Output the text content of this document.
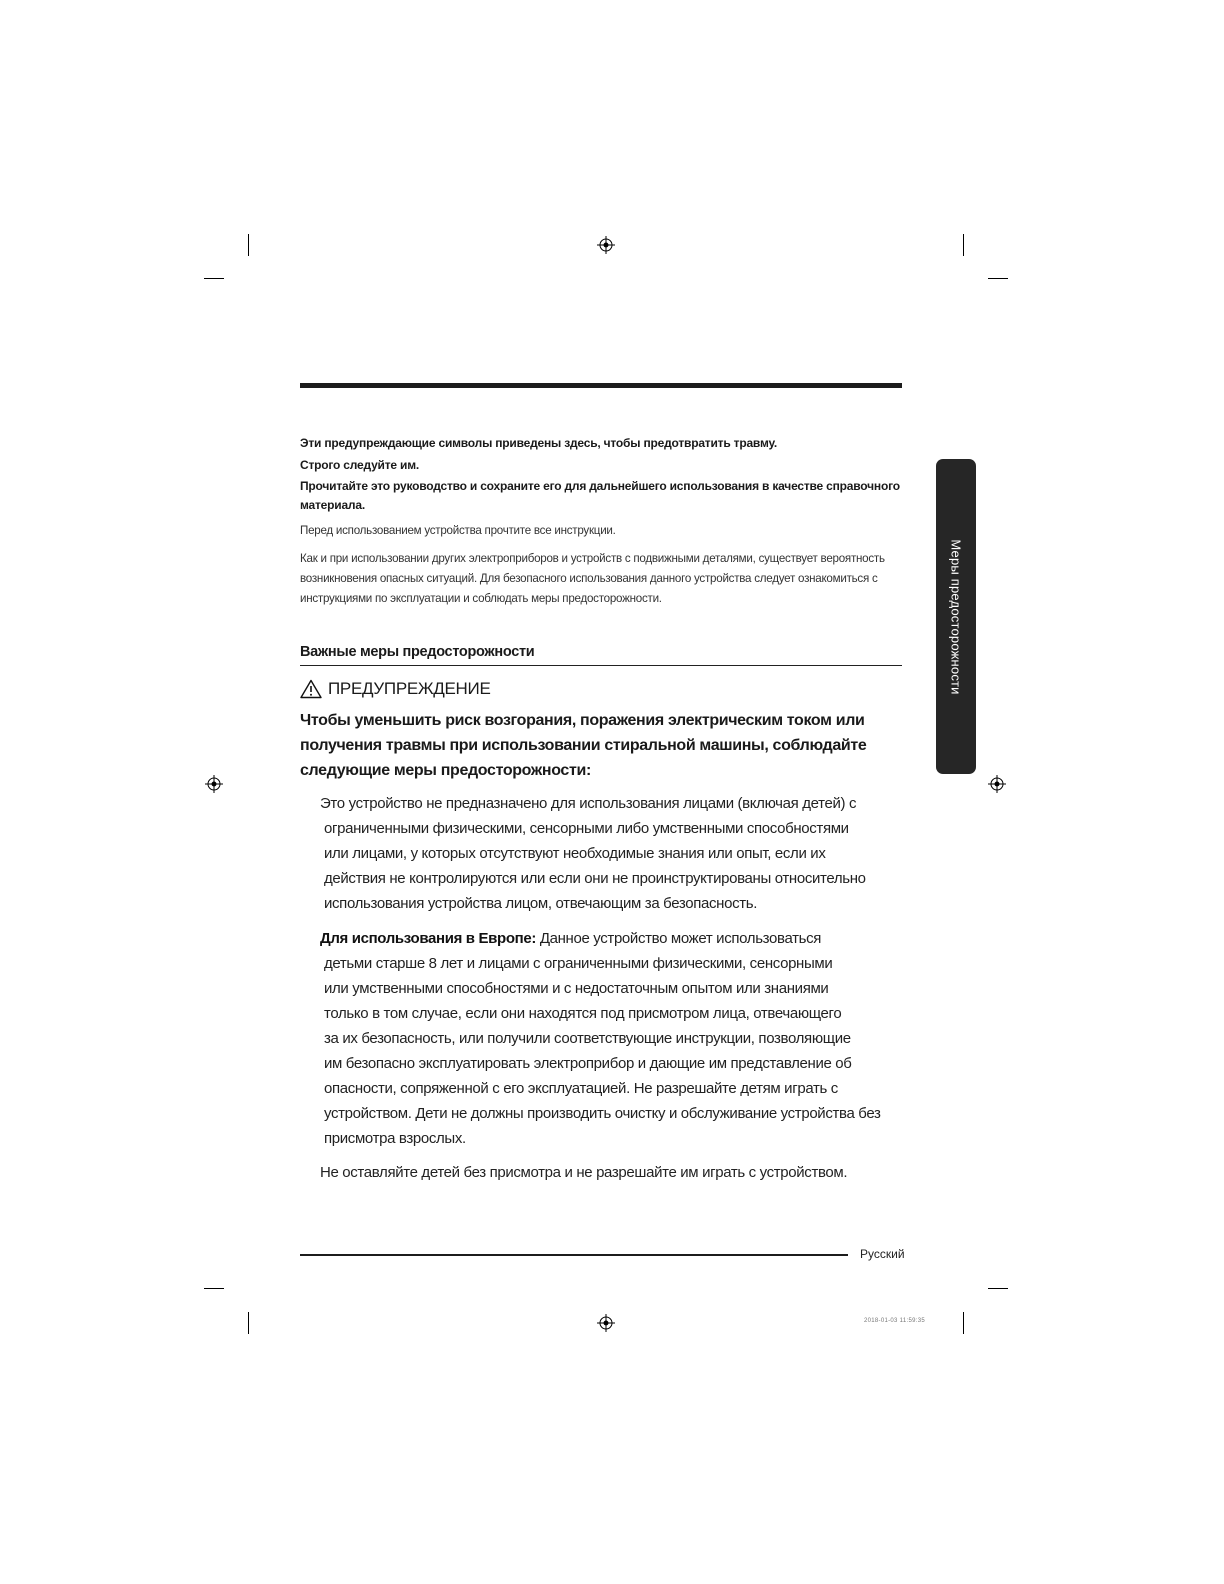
Эти предупреждающие символы приведены здесь, чтобы предотвратить травму.
Строго следуйте им.
Прочитайте это руководство и сохраните его для дальнейшего использования в качестве справочного
материала.
Перед использованием устройства прочтите все инструкции.
Как и при использовании других электроприборов и устройств с подвижными деталями, существует вероятность
возникновения опасных ситуаций. Для безопасного использования данного устройства следует ознакомиться с
инструкциями по эксплуатации и соблюдать меры предосторожности.
Важные меры предосторожности
ПРЕДУПРЕЖДЕНИЕ
Чтобы уменьшить риск возгорания, поражения электрическим током или
получения травмы при использовании стиральной машины, соблюдайте
следующие меры предосторожности:
Это устройство не предназначено для использования лицами (включая детей) с
ограниченными физическими, сенсорными либо умственными способностями
или лицами, у которых отсутствуют необходимые знания или опыт, если их
действия не контролируются или если они не проинструктированы относительно
использования устройства лицом, отвечающим за безопасность.
Для использования в Европе: Данное устройство может использоваться
детьми старше 8 лет и лицами с ограниченными физическими, сенсорными
или умственными способностями и с недостаточным опытом или знаниями
только в том случае, если они находятся под присмотром лица, отвечающего
за их безопасность, или получили соответствующие инструкции, позволяющие
им безопасно эксплуатировать электроприбор и дающие им представление об
опасности, сопряженной с его эксплуатацией. Не разрешайте детям играть с
устройством. Дети не должны производить очистку и обслуживание устройства без
присмотра взрослых.
Не оставляйте детей без присмотра и не разрешайте им играть с устройством.
Меры предосторожности
Русский
2018-01-03 11:59:35
